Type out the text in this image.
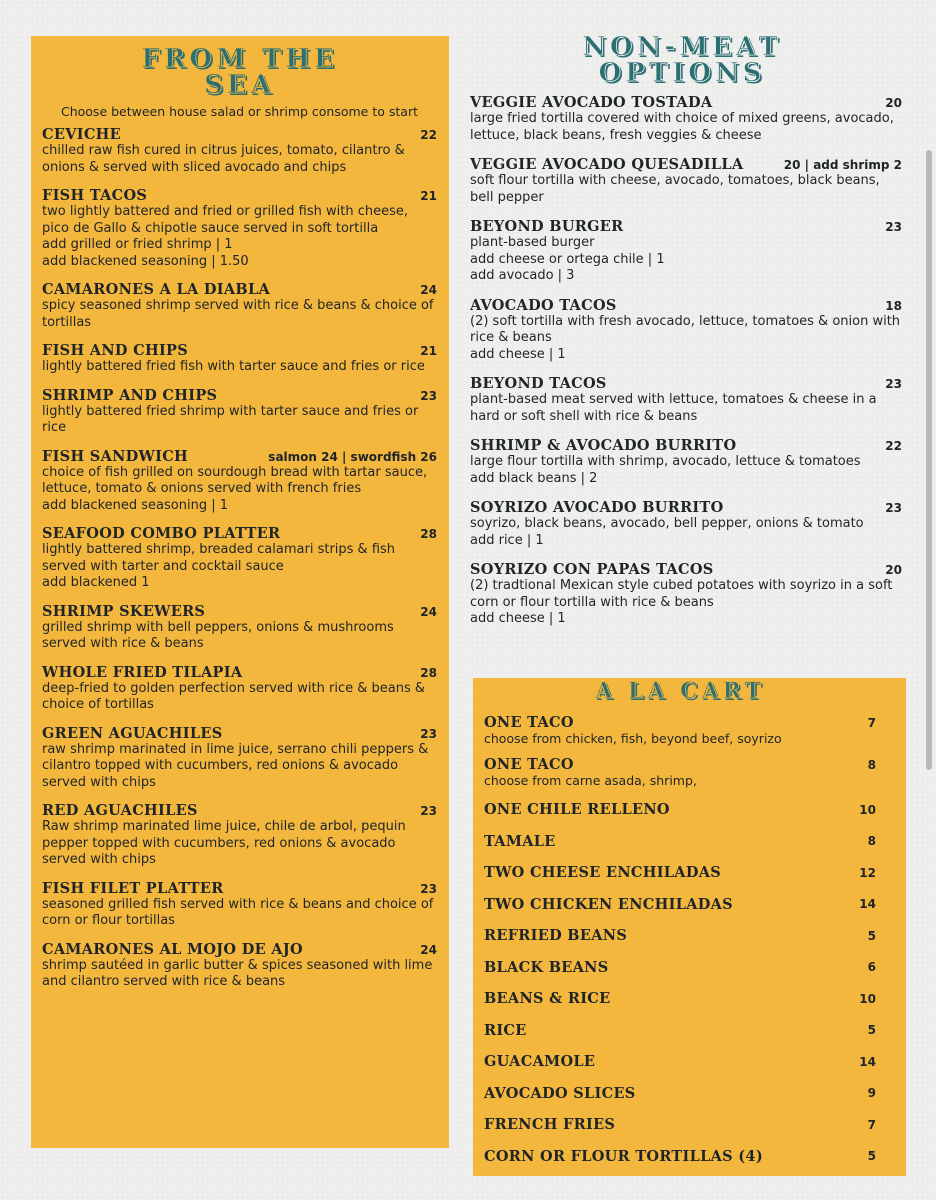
FROM THE
SEA
Choose between house salad or shrimp consome to start
CEVICHE	22
chilled raw fish cured in citrus juices, tomato, cilantro & onions & served with sliced avocado and chips
FISH TACOS	21
two lightly battered and fried or grilled fish with cheese, pico de Gallo & chipotle sauce served in soft tortilla
add grilled or fried shrimp | 1
add blackened seasoning | 1.50
CAMARONES A LA DIABLA	24
spicy seasoned shrimp served with rice & beans & choice of tortillas
FISH AND CHIPS	21
lightly battered fried fish with tarter sauce and fries or rice
SHRIMP AND CHIPS	23
lightly battered fried shrimp with tarter sauce and fries or rice
FISH SANDWICH	salmon 24 | swordfish 26
choice of fish grilled on sourdough bread with tartar sauce, lettuce, tomato & onions served with french fries
add blackened seasoning | 1
SEAFOOD COMBO PLATTER	28
lightly battered shrimp, breaded calamari strips & fish served with tarter and cocktail sauce
add blackened 1
SHRIMP SKEWERS	24
grilled shrimp with bell peppers, onions & mushrooms served with rice & beans
WHOLE FRIED TILAPIA	28
deep-fried to golden perfection served with rice & beans & choice of tortillas
GREEN AGUACHILES	23
raw shrimp marinated in lime juice, serrano chili peppers & cilantro topped with cucumbers, red onions & avocado served with chips
RED AGUACHILES	23
Raw shrimp marinated lime juice, chile de arbol, pequin pepper topped with cucumbers, red onions & avocado served with chips
FISH FILET PLATTER	23
seasoned grilled fish served with rice & beans and choice of corn or flour tortillas
CAMARONES AL MOJO DE AJO	24
shrimp sautéed in garlic butter & spices seasoned with lime and cilantro served with rice & beans
NON-MEAT
OPTIONS
VEGGIE AVOCADO TOSTADA	20
large fried tortilla covered with choice of mixed greens, avocado, lettuce, black beans, fresh veggies & cheese
VEGGIE AVOCADO QUESADILLA	20 | add shrimp 2
soft flour tortilla with cheese, avocado, tomatoes, black beans, bell pepper
BEYOND BURGER	23
plant-based burger
add cheese or ortega chile | 1
add avocado | 3
AVOCADO TACOS	18
(2) soft tortilla with fresh avocado, lettuce, tomatoes & onion with rice & beans
add cheese | 1
BEYOND TACOS	23
plant-based meat served with lettuce, tomatoes & cheese in a hard or soft shell with rice & beans
SHRIMP & AVOCADO BURRITO	22
large flour tortilla with shrimp, avocado, lettuce & tomatoes
add black beans | 2
SOYRIZO AVOCADO BURRITO	23
soyrizo, black beans, avocado, bell pepper, onions & tomato
add rice | 1
SOYRIZO CON PAPAS TACOS	20
(2) tradtional Mexican style cubed potatoes with soyrizo in a soft corn or flour tortilla with rice & beans
add cheese | 1
A LA CART
ONE TACO	7
choose from chicken, fish, beyond beef, soyrizo
ONE TACO	8
choose from carne asada, shrimp,
ONE CHILE RELLENO	10
TAMALE	8
TWO CHEESE ENCHILADAS	12
TWO CHICKEN ENCHILADAS	14
REFRIED BEANS	5
BLACK BEANS	6
BEANS & RICE	10
RICE	5
GUACAMOLE	14
AVOCADO SLICES	9
FRENCH FRIES	7
CORN OR FLOUR TORTILLAS (4)	5
